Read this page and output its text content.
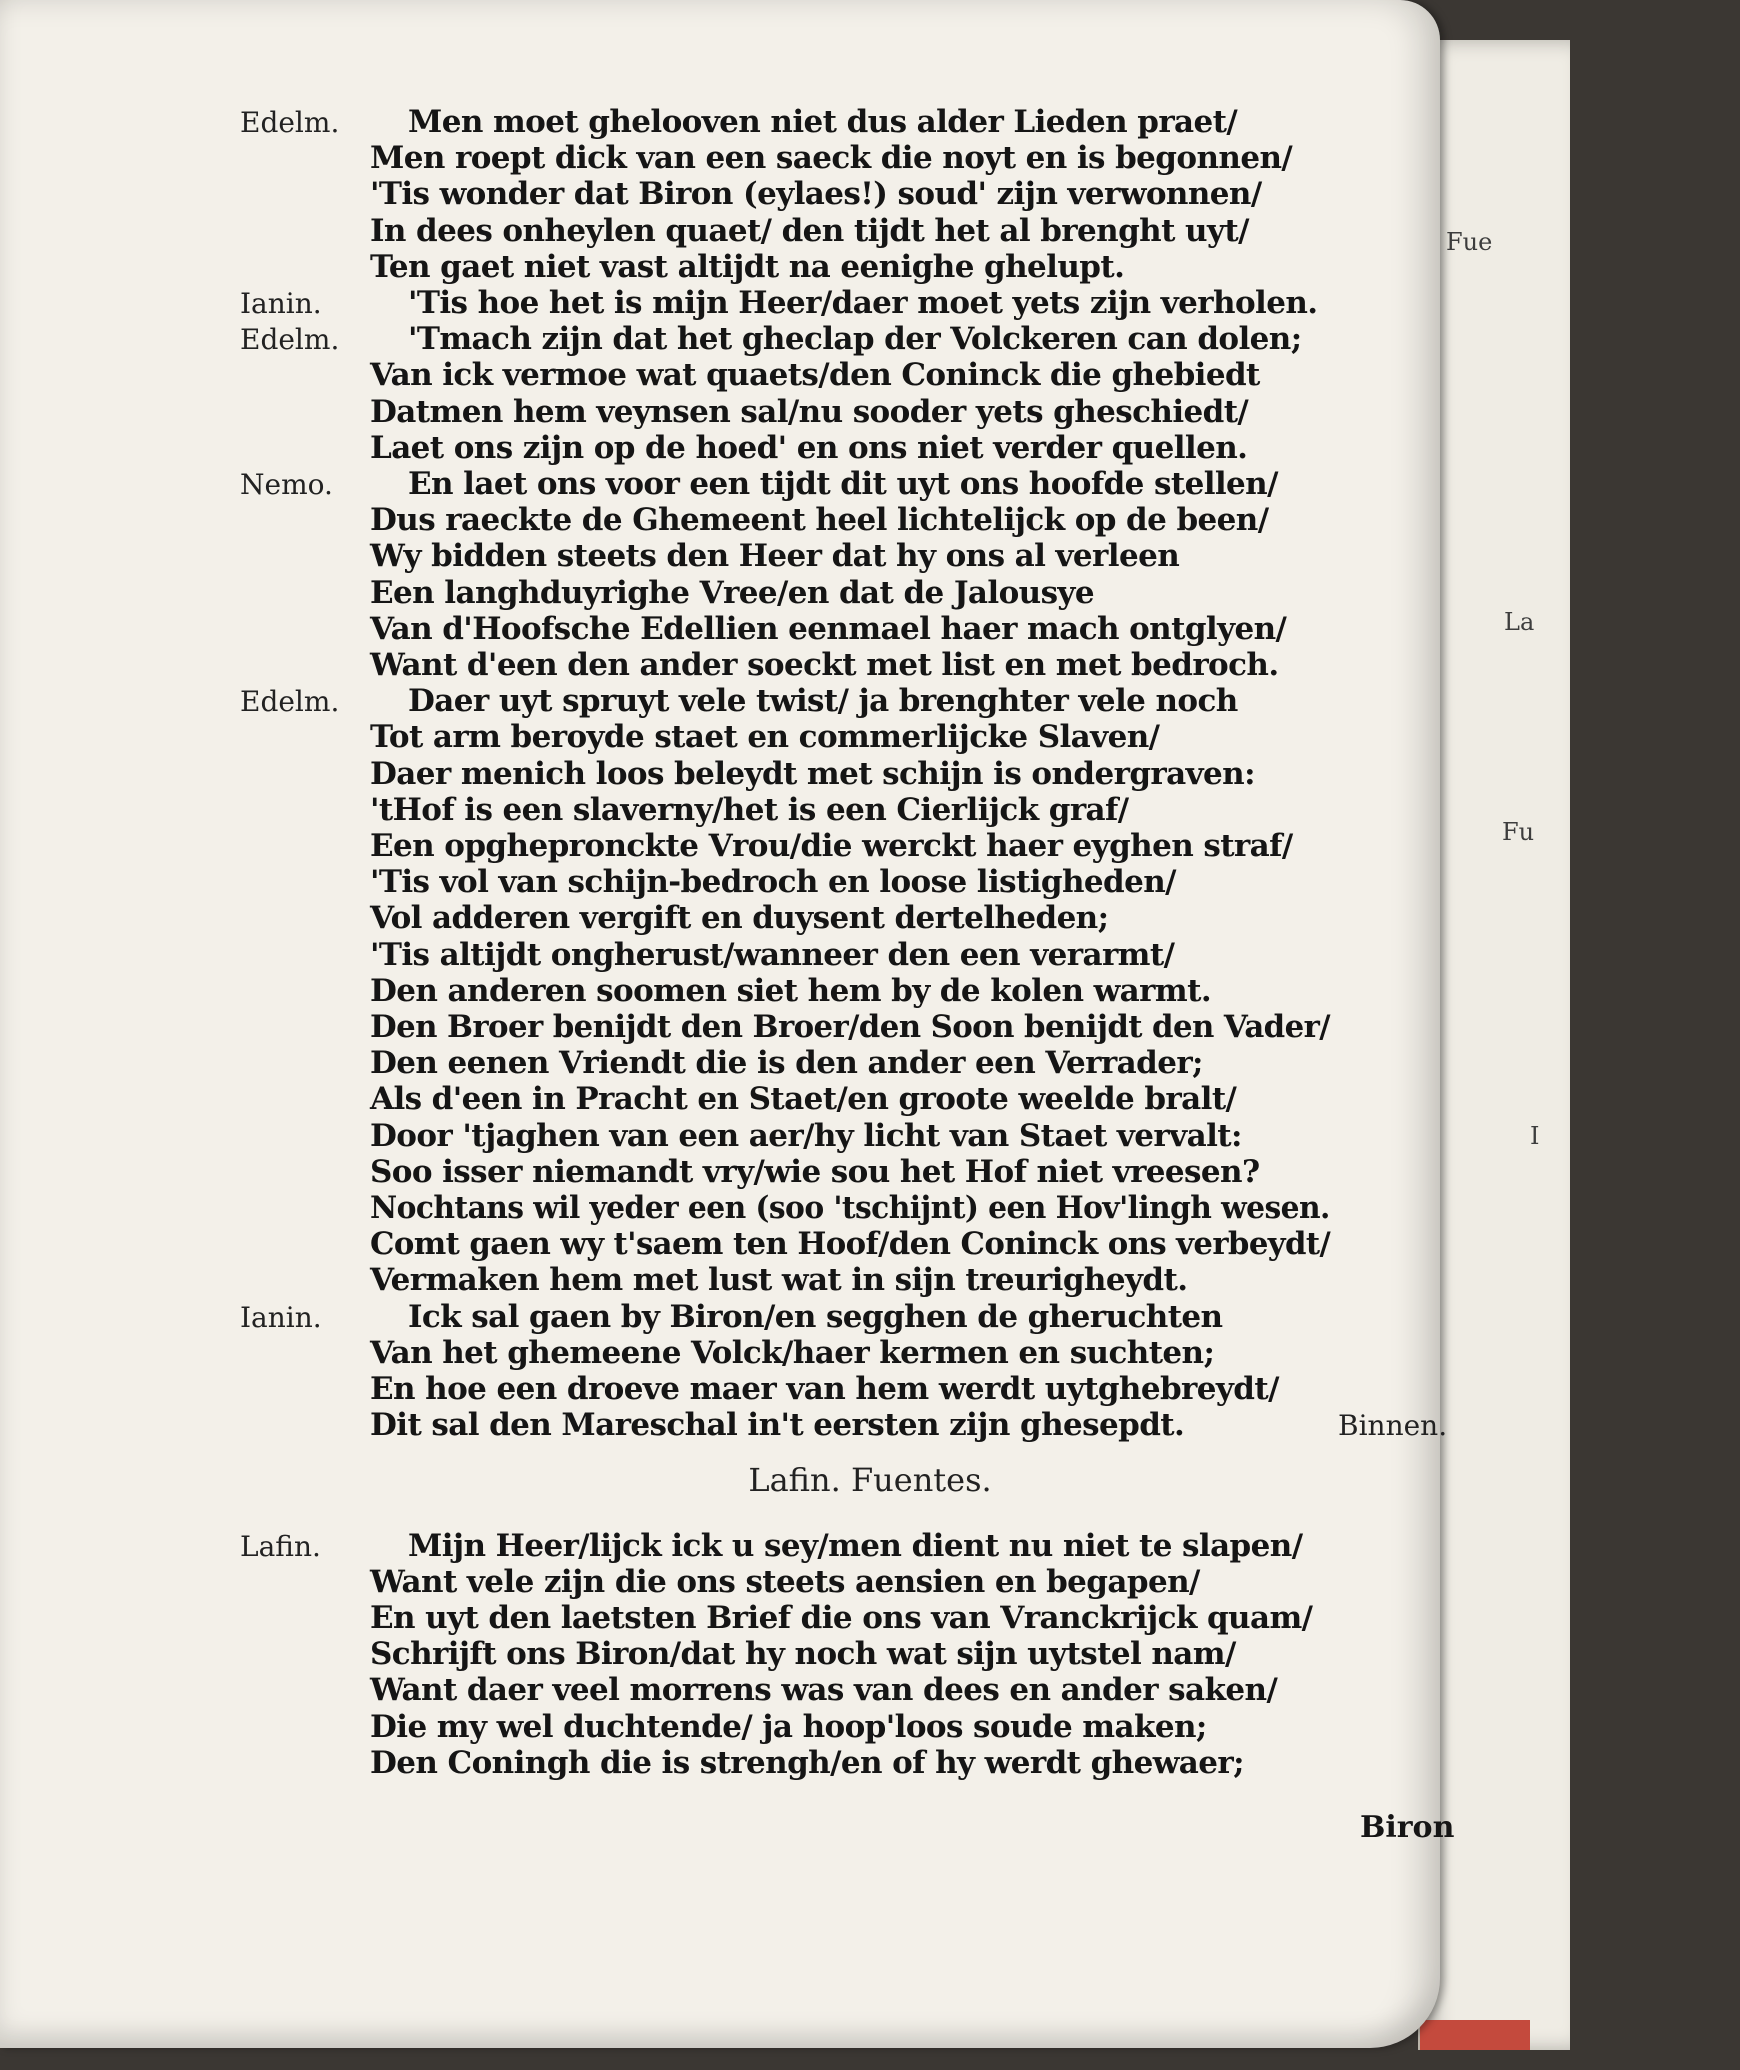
Fue
La
Fu
I
Biron
Edelm. Men moet ghelooven niet dus alder Lieden praet/
Men roept dick van een saeck die noyt en is begonnen/
'Tis wonder dat Biron (eylaes!) soud' zijn verwonnen/
In dees onheylen quaet/ den tijdt het al brenght uyt/
Ten gaet niet vast altijdt na eenighe ghelupt.
Ianin.	'Tis hoe het is mijn Heer/daer moet yets zijn verholen.
Edelm. 'Tmach zijn dat het gheclap der Volckeren can dolen;
Van ick vermoe wat quaets/den Coninck die ghebiedt
Datmen hem veynsen sal/nu sooder yets gheschiedt/
Laet ons zijn op de hoed' en ons niet verder quellen.
Nemo. En laet ons voor een tijdt dit uyt ons hoofde stellen/
Dus raeckte de Ghemeent heel lichtelijck op de been/
Wy bidden steets den Heer dat hy ons al verleen
Een langhduyrighe Vree/en dat de Jalousye
Van d'Hoofsche Edellien eenmael haer mach ontglyen/
Want d'een den ander soeckt met list en met bedroch.
Edelm. Daer uyt spruyt vele twist/ ja brenghter vele noch
Tot arm beroyde staet en commerlijcke Slaven/
Daer menich loos beleydt met schijn is ondergraven:
'tHof is een slaverny/het is een Cierlijck graf/
Een opghepronckte Vrou/die werckt haer eyghen straf/
'Tis vol van schijn-bedroch en loose listigheden/
Vol adderen vergift en duysent dertelheden;
'Tis altijdt ongherust/wanneer den een verarmt/
Den anderen soomen siet hem by de kolen warmt.
Den Broer benijdt den Broer/den Soon benijdt den Vader/
Den eenen Vriendt die is den ander een Verrader;
Als d'een in Pracht en Staet/en groote weelde bralt/
Door 'tjaghen van een aer/hy licht van Staet vervalt:
Soo isser niemandt vry/wie sou het Hof niet vreesen?
Nochtans wil yeder een (soo 'tschijnt) een Hov'lingh wesen.
Comt gaen wy t'saem ten Hoof/den Coninck ons verbeydt/
Vermaken hem met lust wat in sijn treurigheydt.
Ianin.	Ick sal gaen by Biron/en segghen de gheruchten
Van het ghemeene Volck/haer kermen en suchten;
En hoe een droeve maer van hem werdt uytghebreydt/
Dit sal den Mareschal in't eersten zijn ghesepdt.	Binnen.
Lafin. Fuentes.
Lafin.	Mijn Heer/lijck ick u sey/men dient nu niet te slapen/
Want vele zijn die ons steets aensien en begapen/
En uyt den laetsten Brief die ons van Vranckrijck quam/
Schrijft ons Biron/dat hy noch wat sijn uytstel nam/
Want daer veel morrens was van dees en ander saken/
Die my wel duchtende/ ja hoop'loos soude maken;
Den Coningh die is strengh/en of hy werdt ghewaer;
